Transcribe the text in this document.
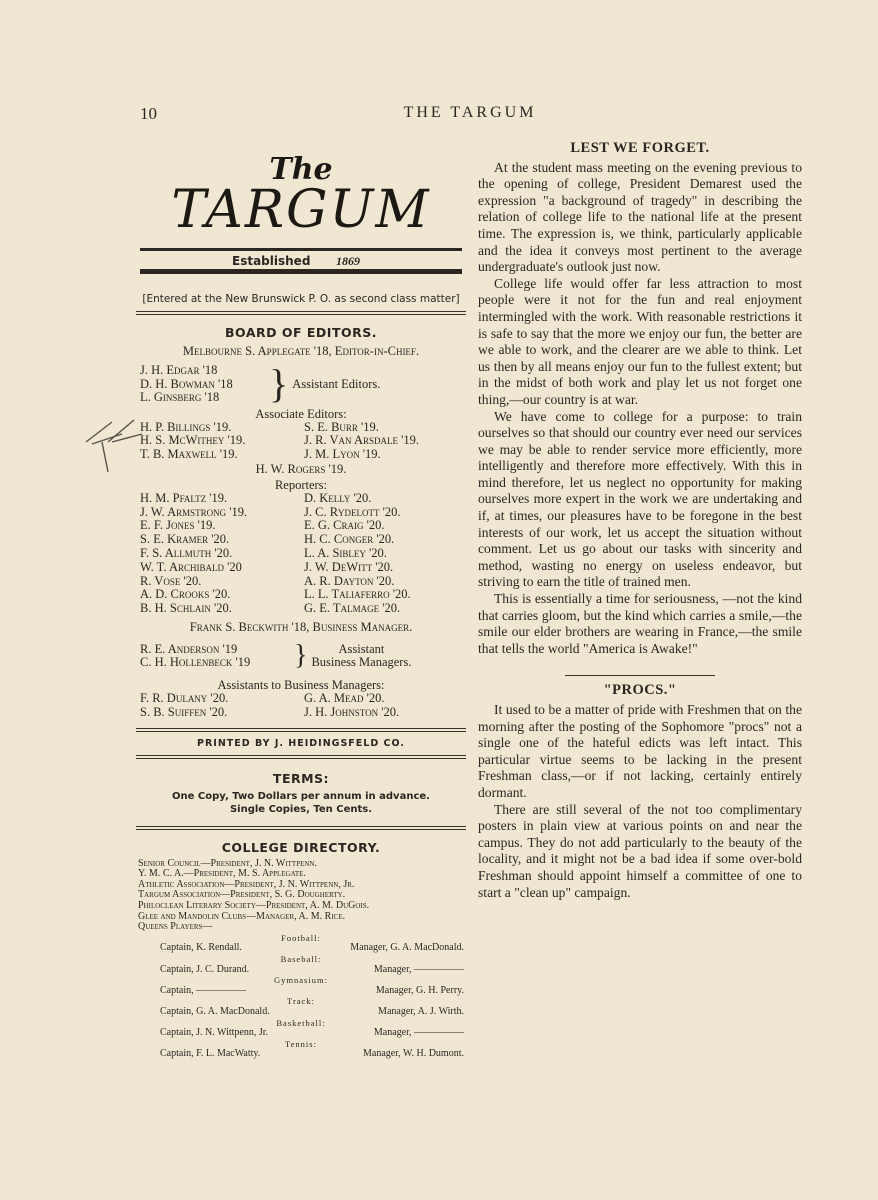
10	THE TARGUM
The
TARGUM
Established 1869
[Entered at the New Brunswick P. O. as second class matter]
BOARD OF EDITORS.
Melbourne S. Applegate '18, Editor-in-Chief.
J. H. Edgar '18
D. H. Bowman '18
L. Ginsberg '18	} Assistant Editors.
Associate Editors:
H. P. Billings '19.	S. E. Burr '19.
H. S. McWithey '19.	J. R. Van Arsdale '19.
T. B. Maxwell '19.	J. M. Lyon '19.
H. W. Rogers '19.
Reporters:
H. M. Pfaltz '19.	D. Kelly '20.
J. W. Armstrong '19.	J. C. Rydelott '20.
E. F. Jones '19.	E. G. Craig '20.
S. E. Kramer '20.	H. C. Conger '20.
F. S. Allmuth '20.	L. A. Sibley '20.
W. T. Archibald '20	J. W. DeWitt '20.
R. Vose '20.	A. R. Dayton '20.
A. D. Crooks '20.	L. L. Taliaferro '20.
B. H. Schlain '20.	G. E. Talmage '20.
Frank S. Beckwith '18, Business Manager.
R. E. Anderson '19
C. H. Hollenbeck '19	}	Assistant
Business Managers.
Assistants to Business Managers:
F. R. Dulany '20.	G. A. Mead '20.
S. B. Suiffen '20.	J. H. Johnston '20.
PRINTED BY J. HEIDINGSFELD CO.
TERMS:
One Copy, Two Dollars per annum in advance.
Single Copies, Ten Cents.
COLLEGE DIRECTORY.
Senior Council—President, J. N. Wittpenn.
Y. M. C. A.—President, M. S. Applegate.
Athletic Association—President, J. N. Wittpenn, Jr.
Targum Association—President, S. G. Dougherty.
Philoclean Literary Society—President, A. M. DuGois.
Glee and Mandolin Clubs—Manager, A. M. Rice.
Queens Players—
Football:
Captain, K. Rendall.	Manager, G. A. MacDonald.
Baseball:
Captain, J. C. Durand.	Manager, —————
Gymnasium:
Captain, —————	Manager, G. H. Perry.
Track:
Captain, G. A. MacDonald.	Manager, A. J. Wirth.
Basketball:
Captain, J. N. Wittpenn, Jr.	Manager, —————
Tennis:
Captain, F. L. MacWatty.	Manager, W. H. Dumont.
LEST WE FORGET.

At the student mass meeting on the evening previous to the opening of college, President Demarest used the expression "a background of tragedy" in describing the relation of college life to the national life at the present time. The expression is, we think, particularly applicable and the idea it conveys most pertinent to the average undergraduate's outlook just now.

College life would offer far less attraction to most people were it not for the fun and real enjoyment intermingled with the work. With reasonable restrictions it is safe to say that the more we enjoy our fun, the better are we able to work, and the clearer are we able to think. Let us then by all means enjoy our fun to the fullest extent; but in the midst of both work and play let us not forget one thing,—our country is at war.

We have come to college for a purpose: to train ourselves so that should our country ever need our services we may be able to render service more efficiently, more intelligently and therefore more effectively. With this in mind therefore, let us neglect no opportunity for making ourselves more expert in the work we are undertaking and if, at times, our pleasures have to be foregone in the best interests of our work, let us accept the situation without comment. Let us go about our tasks with sincerity and method, wasting no energy on useless endeavor, but striving to earn the title of trained men.

This is essentially a time for seriousness, —not the kind that carries gloom, but the kind which carries a smile,—the smile our elder brothers are wearing in France,—the smile that tells the world "America is Awake!"

"PROCS."

It used to be a matter of pride with Freshmen that on the morning after the posting of the Sophomore "procs" not a single one of the hateful edicts was left intact. This particular virtue seems to be lacking in the present Freshman class,—or if not lacking, certainly entirely dormant.

There are still several of the not too complimentary posters in plain view at various points on and near the campus. They do not add particularly to the beauty of the locality, and it might not be a bad idea if some over-bold Freshman should appoint himself a committee of one to start a "clean up" campaign.
